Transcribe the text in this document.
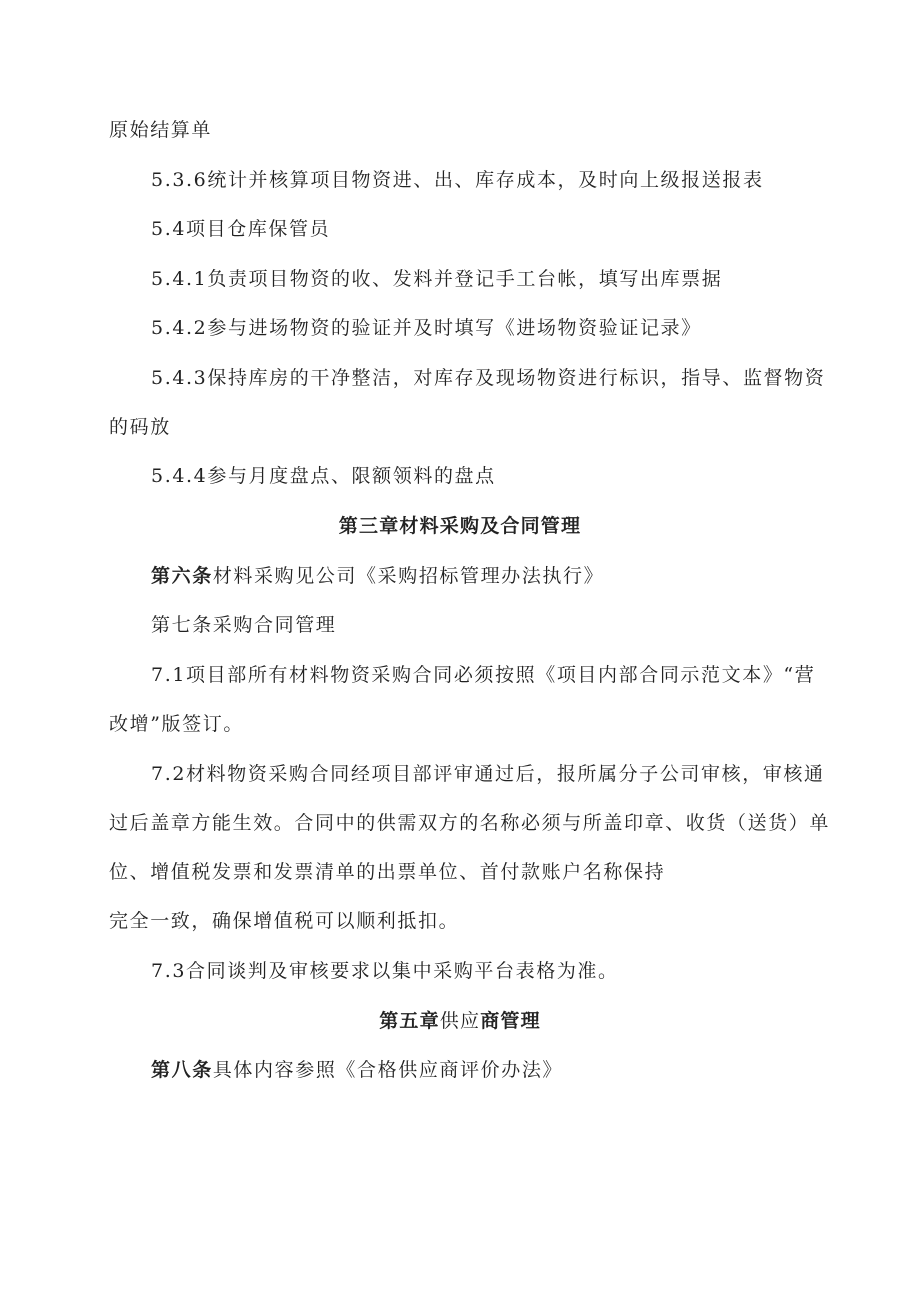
原始结算单
5.3.6统计并核算项目物资进、出、库存成本，及时向上级报送报表
5.4项目仓库保管员
5.4.1负责项目物资的收、发料并登记手工台帐，填写出库票据
5.4.2参与进场物资的验证并及时填写《进场物资验证记录》
5.4.3保持库房的干净整洁，对库存及现场物资进行标识，指导、监督物资
的码放
5.4.4参与月度盘点、限额领料的盘点
第三章材料采购及合同管理
第六条材料采购见公司《采购招标管理办法执行》
第七条采购合同管理
7.1项目部所有材料物资采购合同必须按照《项目内部合同示范文本》“营
改增”版签订。
7.2材料物资采购合同经项目部评审通过后，报所属分子公司审核，审核通
过后盖章方能生效。合同中的供需双方的名称必须与所盖印章、收货（送货）单
位、增值税发票和发票清单的出票单位、首付款账户名称保持
完全一致，确保增值税可以顺利抵扣。
7.3合同谈判及审核要求以集中采购平台表格为准。
第五章供应商管理
第八条具体内容参照《合格供应商评价办法》
